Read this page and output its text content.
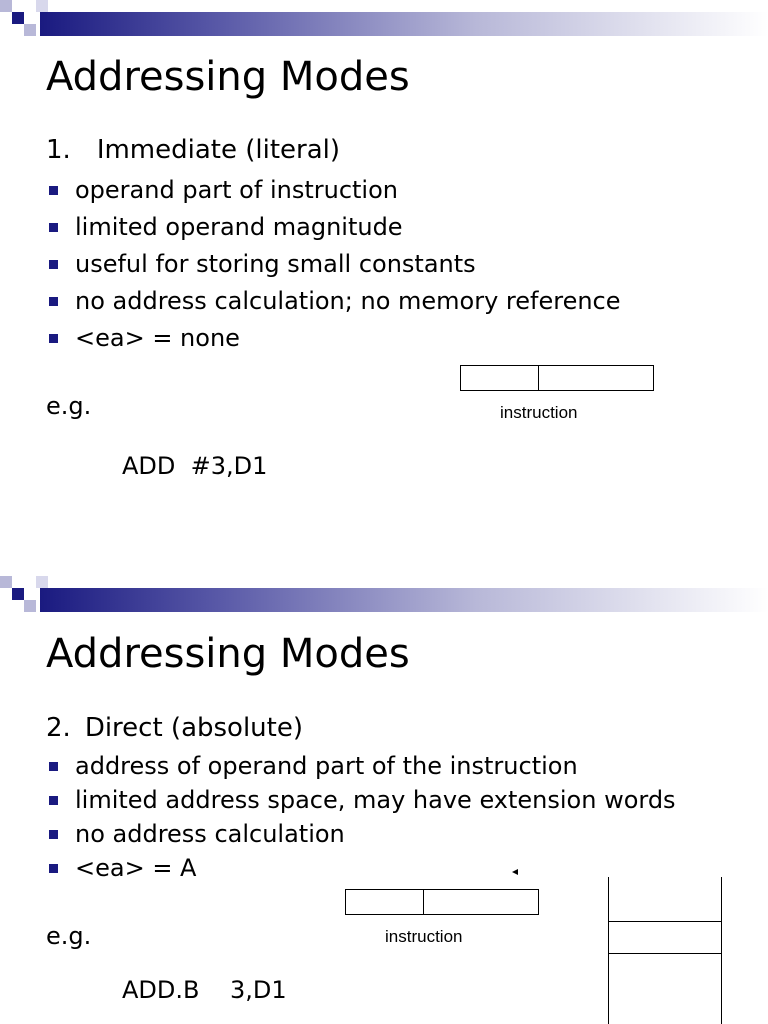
Addressing Modes
1. Immediate (literal)
operand part of instruction
limited operand magnitude
useful for storing small constants
no address calculation; no memory reference
<ea> = none
e.g.

ADD  #3,D1

instruction
Addressing Modes
2. Direct (absolute)
address of operand part of the instruction
limited address space, may have extension words
no address calculation
<ea> = A
e.g.

ADD.B    3,D1

instruction
